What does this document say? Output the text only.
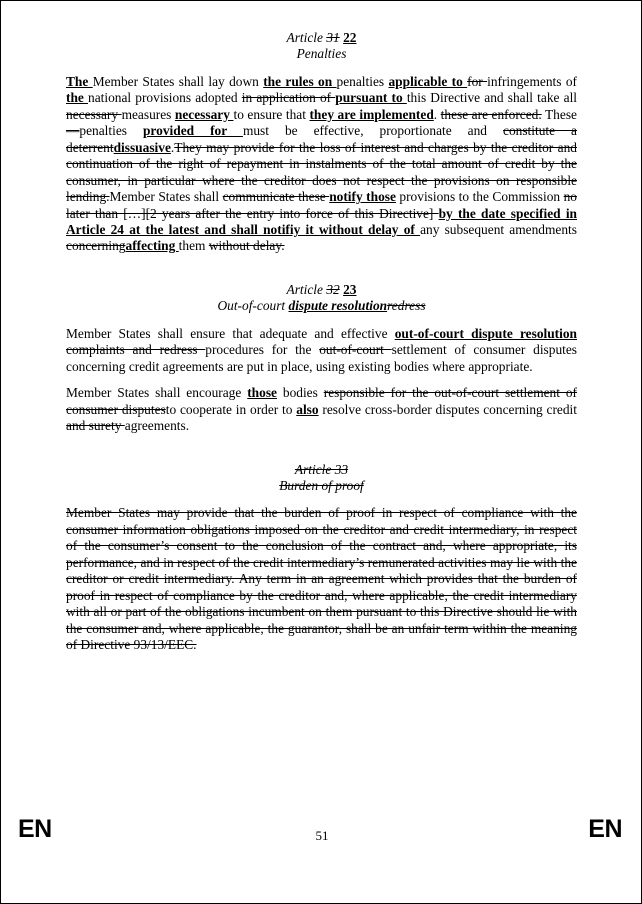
Article 31 22

Penalties

The Member States shall lay down the rules on penalties applicable to for infringements of the national provisions adopted in application of pursuant to this Directive and shall take all necessary measures necessary to ensure that they are implemented. these are enforced. These —penalties provided for must be effective, proportionate and constitute a deterrentdissuasive.They may provide for the loss of interest and charges by the creditor and continuation of the right of repayment in instalments of the total amount of credit by the consumer, in particular where the creditor does not respect the provisions on responsible lending.Member States shall communicate these notify those provisions to the Commission no later than […][2 years after the entry into force of this Directive] by the date specified in Article 24 at the latest and shall notifiy it without delay of any subsequent amendments concerningaffecting them without delay.

Article 32 23

Out-of-court dispute resolutionredress

Member States shall ensure that adequate and effective out-of-court dispute resolution complaints and redress procedures for the out-of-court settlement of consumer disputes concerning credit agreements are put in place, using existing bodies where appropriate.

Member States shall encourage those bodies responsible for the out-of-court settlement of consumer disputesto cooperate in order to also resolve cross-border disputes concerning credit and surety agreements.

Article 33

Burden of proof

Member States may provide that the burden of proof in respect of compliance with the consumer information obligations imposed on the creditor and credit intermediary, in respect of the consumer’s consent to the conclusion of the contract and, where appropriate, its performance, and in respect of the credit intermediary’s remunerated activities may lie with the creditor or credit intermediary. Any term in an agreement which provides that the burden of proof in respect of compliance by the creditor and, where applicable, the credit intermediary with all or part of the obligations incumbent on them pursuant to this Directive should lie with the consumer and, where applicable, the guarantor, shall be an unfair term within the meaning of Directive 93/13/EEC.

EN	51	EN
